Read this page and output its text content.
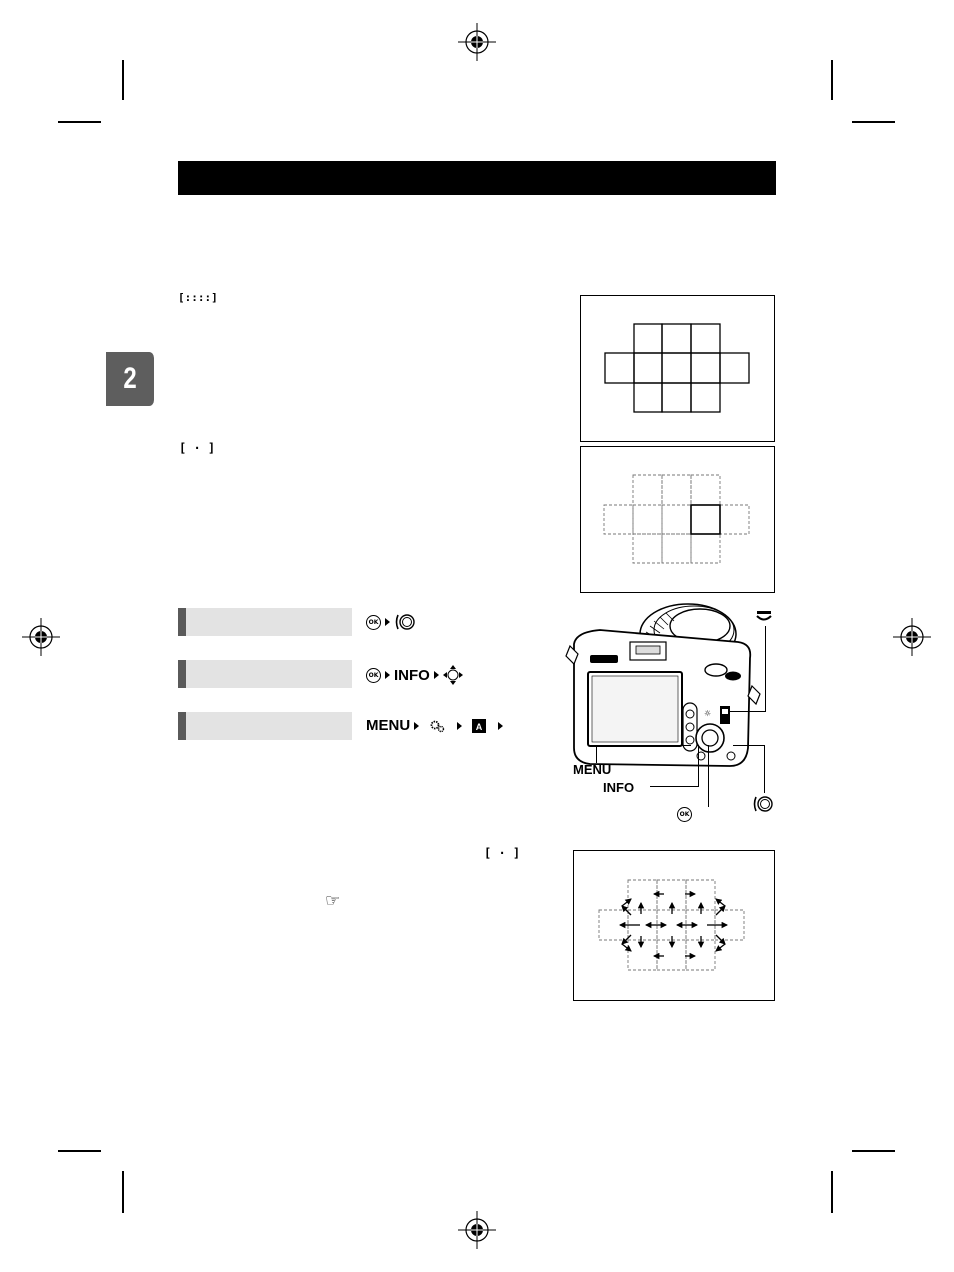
2
[::::]
[ · ]
OK
OK INFO
MENU	A
☼
MENU
INFO
OK
[ · ]
☞
